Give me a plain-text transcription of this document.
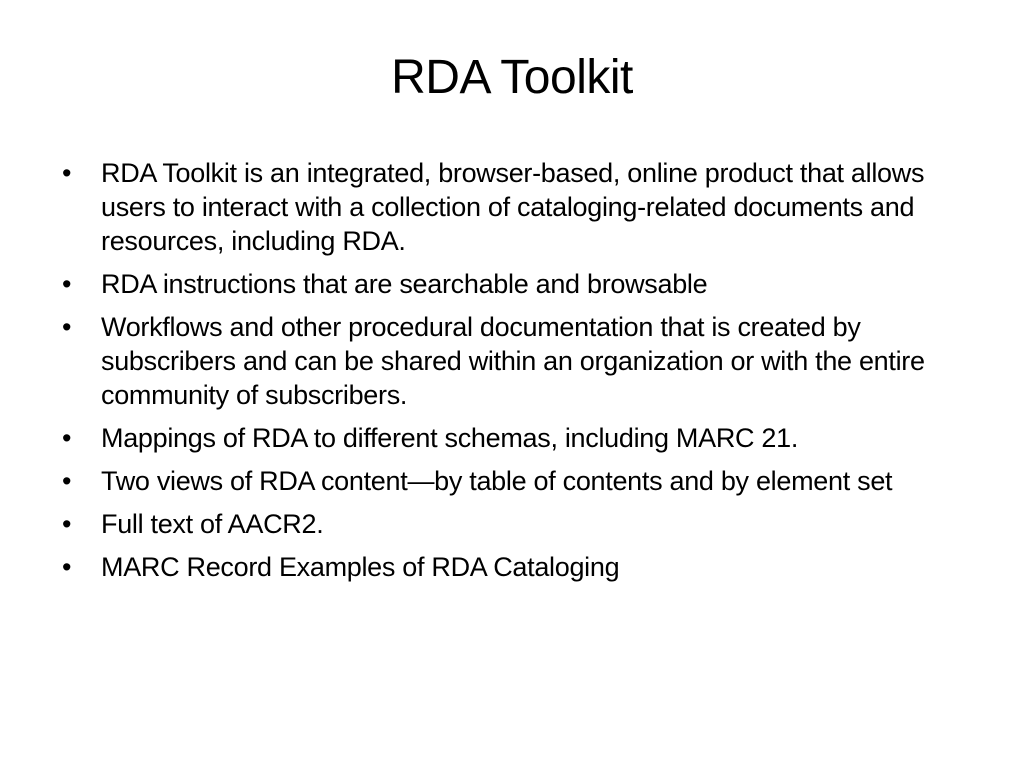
RDA Toolkit
•	RDA Toolkit is an integrated, browser-based, online product that allows users to interact with a collection of cataloging-related documents and resources, including RDA.
•	RDA instructions that are searchable and browsable
•	Workflows and other procedural documentation that is created by subscribers and can be shared within an organization or with the entire community of subscribers.
•	Mappings of RDA to different schemas, including MARC 21.
•	Two views of RDA content—by table of contents and by element set
•	Full text of AACR2.
•	MARC Record Examples of RDA Cataloging
